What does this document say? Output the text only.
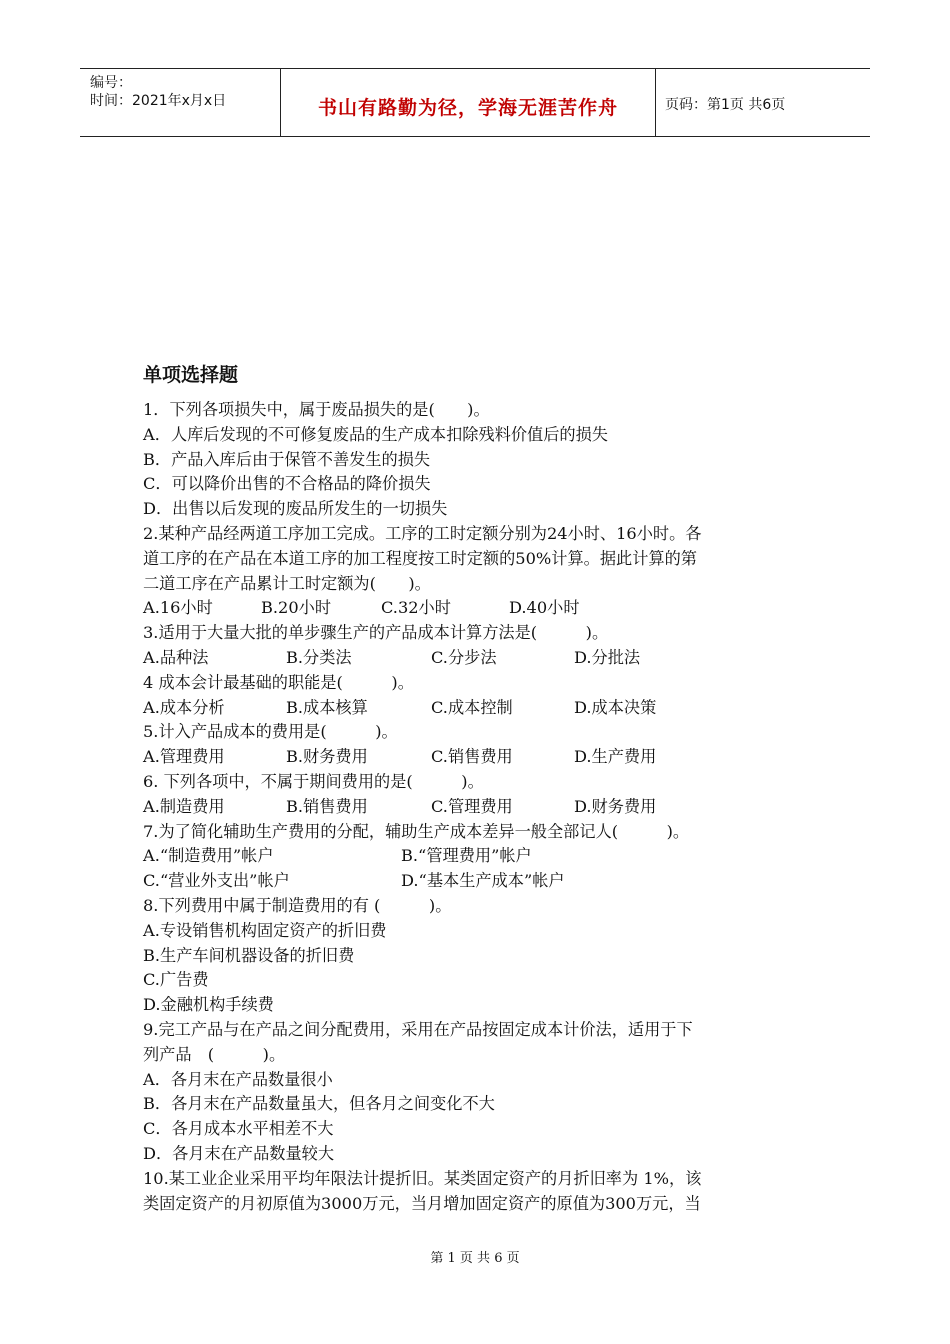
编号：
时间：2021年x月x日	书山有路勤为径，学海无涯苦作舟	页码：第1页 共6页
单项选择题
1．下列各项损失中，属于废品损失的是(　　)。
A．人库后发现的不可修复废品的生产成本扣除残料价值后的损失
B．产品入库后由于保管不善发生的损失
C．可以降价出售的不合格品的降价损失
D．出售以后发现的废品所发生的一切损失
2.某种产品经两道工序加工完成。工序的工时定额分别为24小时、16小时。各
道工序的在产品在本道工序的加工程度按工时定额的50%计算。据此计算的第
二道工序在产品累计工时定额为(　　)。
A.16小时	B.20小时	C.32小时	D.40小时
3.适用于大量大批的单步骤生产的产品成本计算方法是(　　　)。
A.品种法	B.分类法	C.分步法	D.分批法
4 成本会计最基础的职能是(　　　)。
A.成本分析	B.成本核算	C.成本控制	D.成本决策
5.计入产品成本的费用是(　　　)。
A.管理费用	B.财务费用	C.销售费用	D.生产费用
6. 下列各项中，不属于期间费用的是(　　　)。
A.制造费用	B.销售费用	C.管理费用	D.财务费用
7.为了简化辅助生产费用的分配，辅助生产成本差异一般全部记人(　　　)。
A.“制造费用”帐户	B.“管理费用”帐户
C.“营业外支出”帐户	D.“基本生产成本”帐户
8.下列费用中属于制造费用的有 (　　　)。
A.专设销售机构固定资产的折旧费
B.生产车间机器设备的折旧费
C.广告费
D.金融机构手续费
9.完工产品与在产品之间分配费用，采用在产品按固定成本计价法，适用于下
列产品　(　　　)。
A．各月末在产品数量很小
B．各月末在产品数量虽大，但各月之间变化不大
C．各月成本水平相差不大
D．各月末在产品数量较大
10.某工业企业采用平均年限法计提折旧。某类固定资产的月折旧率为 1%，该
类固定资产的月初原值为3000万元，当月增加固定资产的原值为300万元，当
第 1 页 共 6 页
